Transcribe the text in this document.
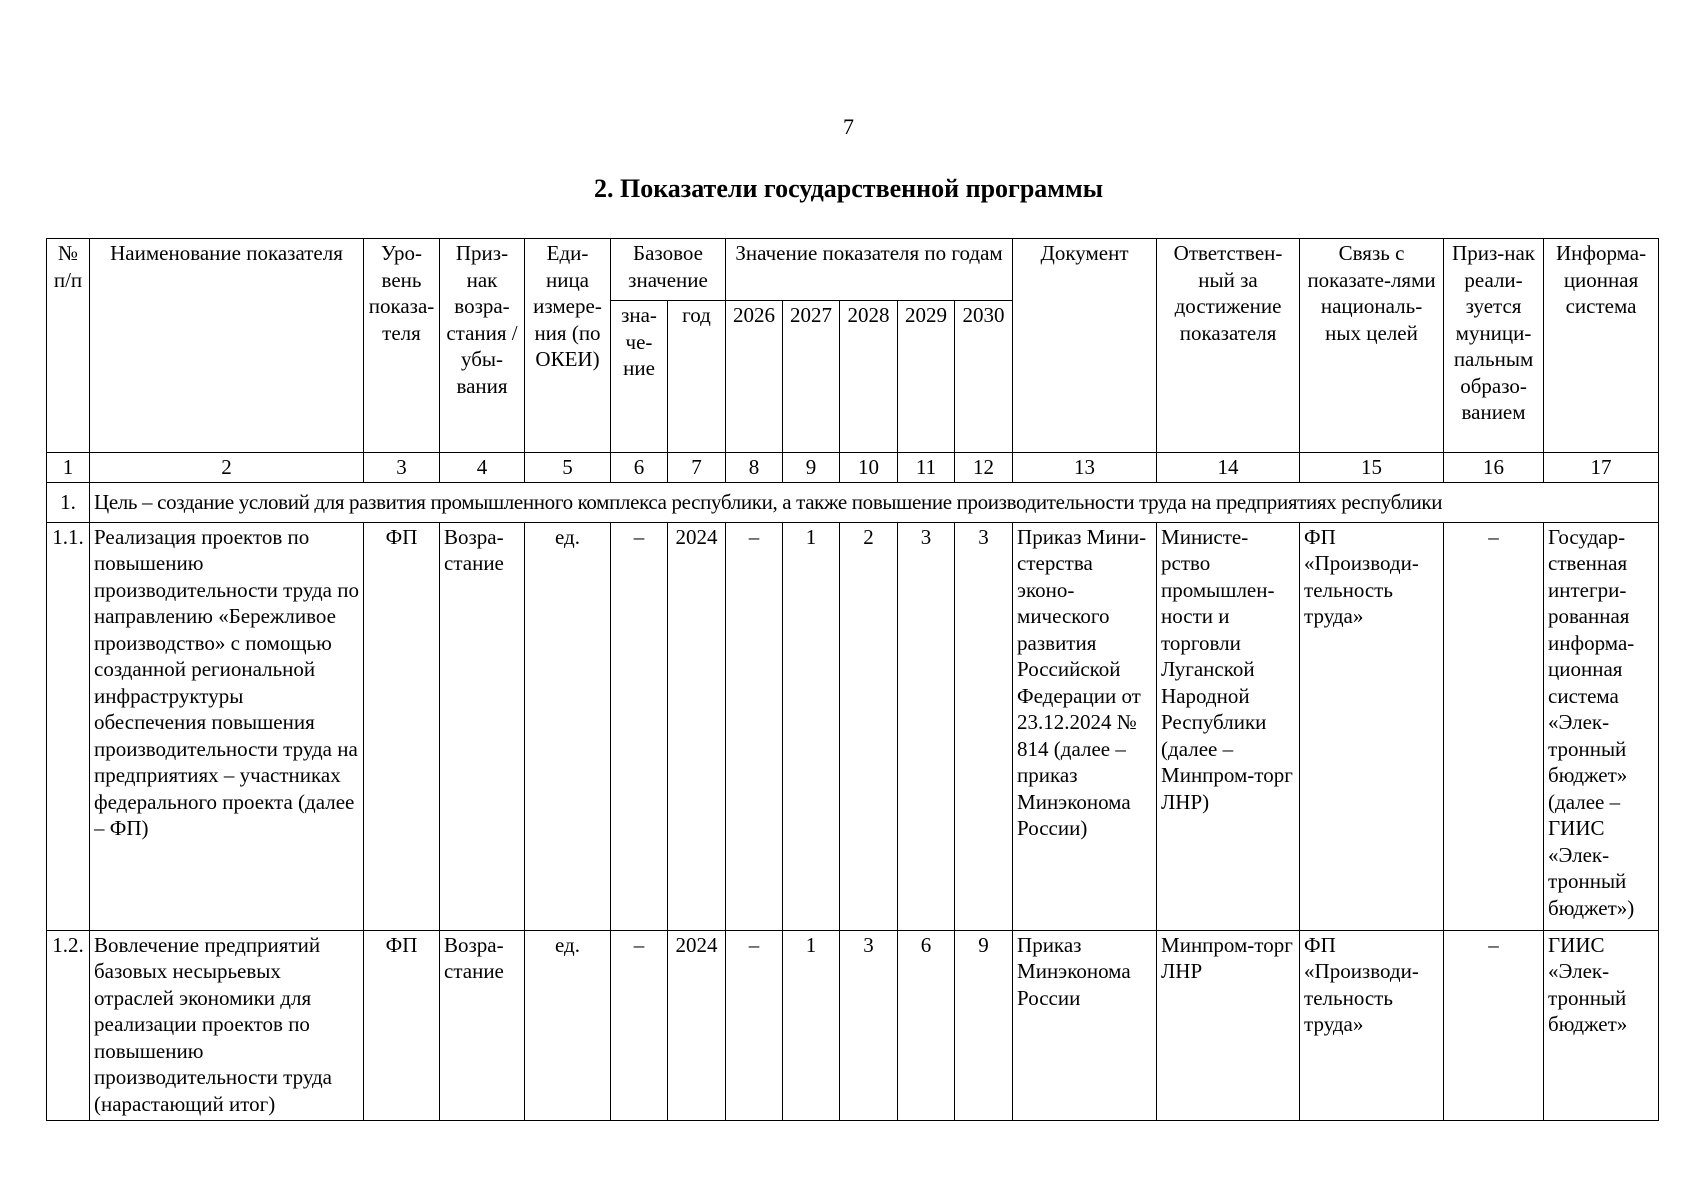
7
2. Показатели государственной программы
№ п/п	Наименование показателя	Уро-вень показа-теля	Приз-нак возра-стания / убы-вания	Еди-ница измере-ния (по ОКЕИ)	Базовое значение		Значение показателя по годам					Документ	Ответствен-ный за достижение показателя	Связь с показате-лями националь-ных целей	Приз-нак реали-зуется муници-пальным образо-ванием	Информа-ционная система
					зна-че-ние	год	2026	2027	2028	2029	2030					
1	2	3	4	5	6	7	8	9	10	11	12	13	14	15	16	17
1.	Цель – создание условий для развития промышленного комплекса республики, а также повышение производительности труда на предприятиях республики															
1.1.	Реализация проектов по повышению производительности труда по направлению «Бережливое производство» с помощью созданной региональной инфраструктуры обеспечения повышения производительности труда на предприятиях – участниках федерального проекта (далее – ФП)	ФП	Возра-стание	ед.	–	2024	–	1	2	3	3	Приказ Мини-стерства эконо-мического развития Российской Федерации от 23.12.2024 № 814 (далее – приказ Минэконома России)	Министе-рство промышлен-ности и торговли Луганской Народной Республики (далее – Минпром-торг ЛНР)	ФП «Производи-тельность труда»	–	Государ-ственная интегри-рованная информа-ционная система «Элек-тронный бюджет» (далее – ГИИС «Элек-тронный бюджет»)
1.2.	Вовлечение предприятий базовых несырьевых отраслей экономики для реализации проектов по повышению производительности труда (нарастающий итог)	ФП	Возра-стание	ед.	–	2024	–	1	3	6	9	Приказ Минэконома России	Минпром-торг ЛНР	ФП «Производи-тельность труда»	–	ГИИС «Элек-тронный бюджет»
